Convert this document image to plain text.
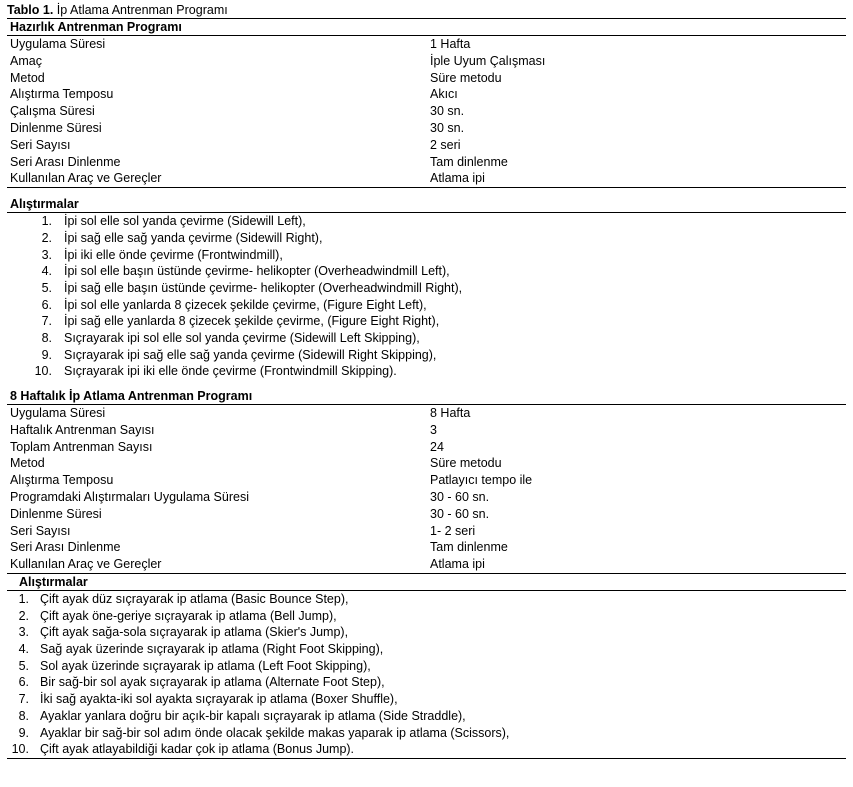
Tablo 1. İp Atlama Antrenman Programı
Hazırlık Antrenman Programı
Uygulama Süresi	1 Hafta
Amaç	İple Uyum Çalışması
Metod	Süre metodu
Alıştırma Temposu	Akıcı
Çalışma Süresi	30 sn.
Dinlenme Süresi	30 sn.
Seri Sayısı	2 seri
Seri Arası Dinlenme	Tam dinlenme
Kullanılan Araç ve Gereçler	Atlama ipi
Alıştırmalar
1. İpi sol elle sol yanda çevirme (Sidewill Left),
2. İpi sağ elle sağ yanda çevirme (Sidewill Right),
3. İpi iki elle önde çevirme (Frontwindmill),
4. İpi sol elle başın üstünde çevirme- helikopter (Overheadwindmill Left),
5. İpi sağ elle başın üstünde çevirme- helikopter (Overheadwindmill Right),
6. İpi sol elle yanlarda 8 çizecek şekilde çevirme, (Figure Eight Left),
7. İpi sağ elle yanlarda 8 çizecek şekilde çevirme, (Figure Eight Right),
8. Sıçrayarak ipi sol elle sol yanda çevirme (Sidewill Left Skipping),
9. Sıçrayarak ipi sağ elle sağ yanda çevirme (Sidewill Right Skipping),
10. Sıçrayarak ipi iki elle önde çevirme (Frontwindmill Skipping).
8 Haftalık İp Atlama Antrenman Programı
Uygulama Süresi	8 Hafta
Haftalık Antrenman Sayısı	3
Toplam Antrenman Sayısı	24
Metod	Süre metodu
Alıştırma Temposu	Patlayıcı tempo ile
Programdaki Alıştırmaları Uygulama Süresi	30 - 60 sn.
Dinlenme Süresi	30 - 60 sn.
Seri Sayısı	1- 2 seri
Seri Arası Dinlenme	Tam dinlenme
Kullanılan Araç ve Gereçler	Atlama ipi
Alıştırmalar
1. Çift ayak düz sıçrayarak ip atlama (Basic Bounce Step),
2. Çift ayak öne-geriye sıçrayarak ip atlama (Bell Jump),
3. Çift ayak sağa-sola sıçrayarak ip atlama (Skier's Jump),
4. Sağ ayak üzerinde sıçrayarak ip atlama (Right Foot Skipping),
5. Sol ayak üzerinde sıçrayarak ip atlama (Left Foot Skipping),
6. Bir sağ-bir sol ayak sıçrayarak ip atlama (Alternate Foot Step),
7. İki sağ ayakta-iki sol ayakta sıçrayarak ip atlama (Boxer Shuffle),
8. Ayaklar yanlara doğru bir açık-bir kapalı sıçrayarak ip atlama (Side Straddle),
9. Ayaklar bir sağ-bir sol adım önde olacak şekilde makas yaparak ip atlama (Scissors),
10. Çift ayak atlayabildiği kadar çok ip atlama (Bonus Jump).
